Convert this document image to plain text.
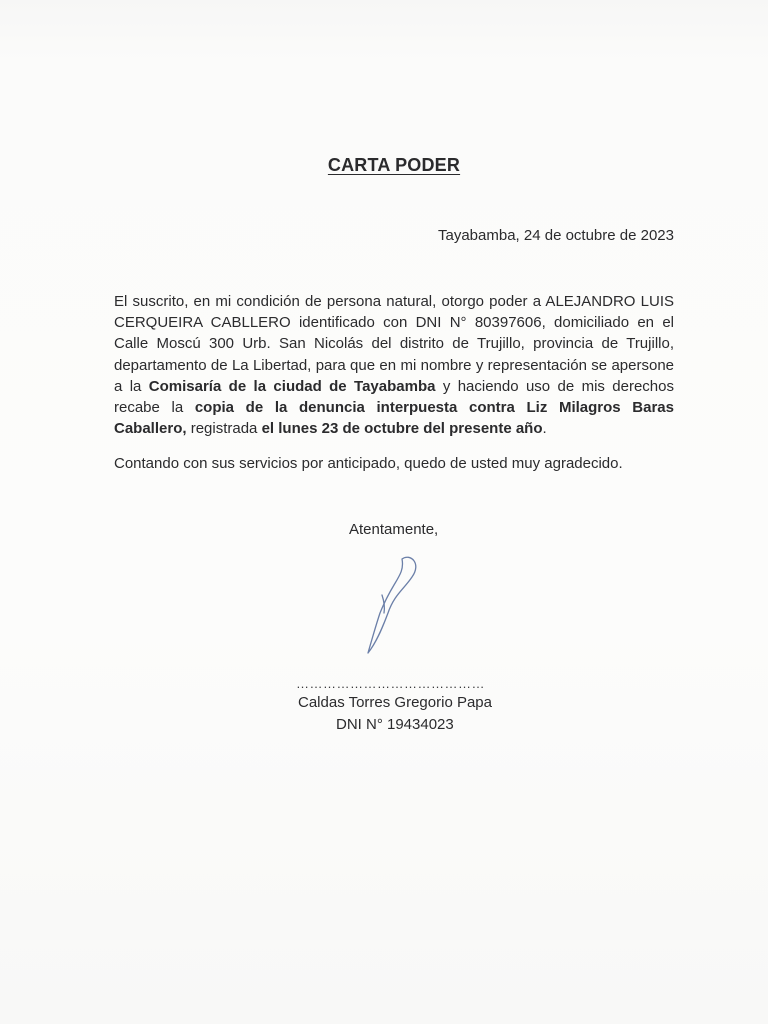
CARTA PODER
Tayabamba, 24 de octubre de 2023

El suscrito, en mi condición de persona natural, otorgo poder a ALEJANDRO LUIS CERQUEIRA CABLLERO identificado con DNI N° 80397606, domiciliado en el Calle Moscú 300 Urb. San Nicolás del distrito de Trujillo, provincia de Trujillo, departamento de La Libertad, para que en mi nombre y representación se apersone a la Comisaría de la ciudad de Tayabamba y haciendo uso de mis derechos recabe la copia de la denuncia interpuesta contra Liz Milagros Baras Caballero, registrada el lunes 23 de octubre del presente año.

Contando con sus servicios por anticipado, quedo de usted muy agradecido.

Atentamente,
……………………………………
Caldas Torres Gregorio Papa
DNI N° 19434023
